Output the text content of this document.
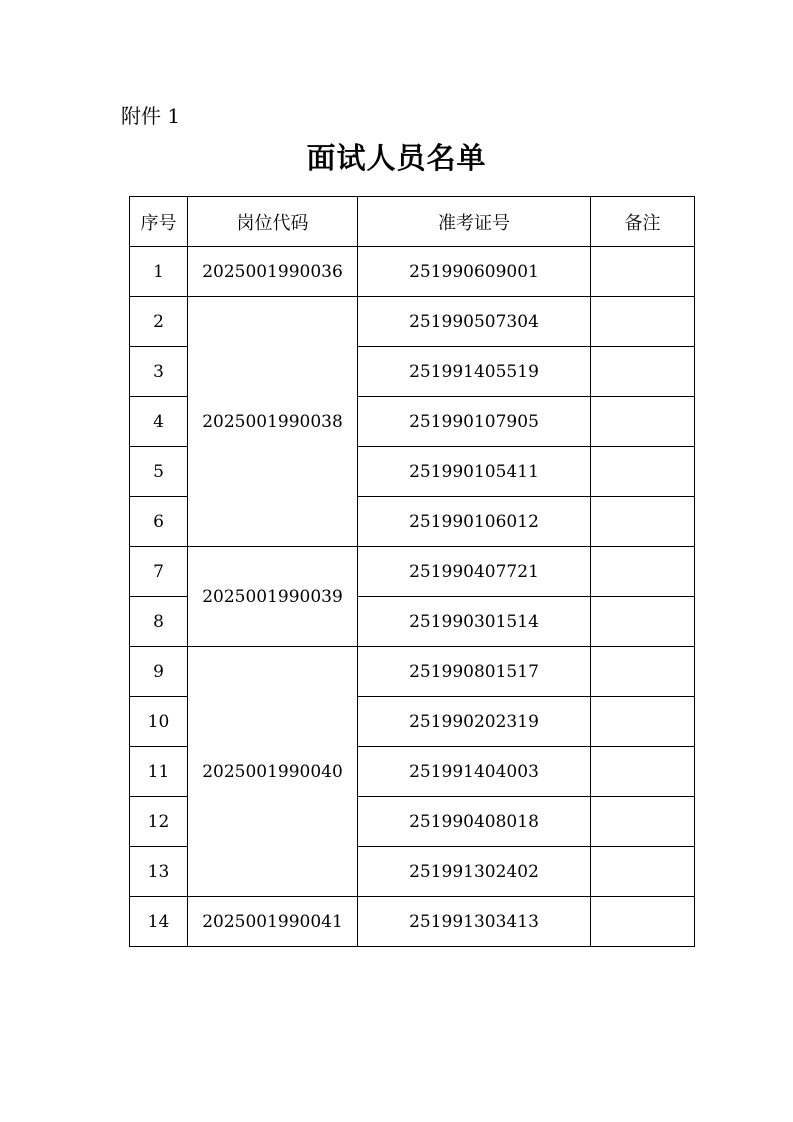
附件 1
面试人员名单
序号	岗位代码	准考证号	备注
1	2025001990036	251990609001	
2	2025001990038	251990507304	
3		251991405519	
4		251990107905	
5		251990105411	
6		251990106012	
7	2025001990039	251990407721	
8		251990301514	
9	2025001990040	251990801517	
10		251990202319	
11		251991404003	
12		251990408018	
13		251991302402	
14	2025001990041	251991303413	
